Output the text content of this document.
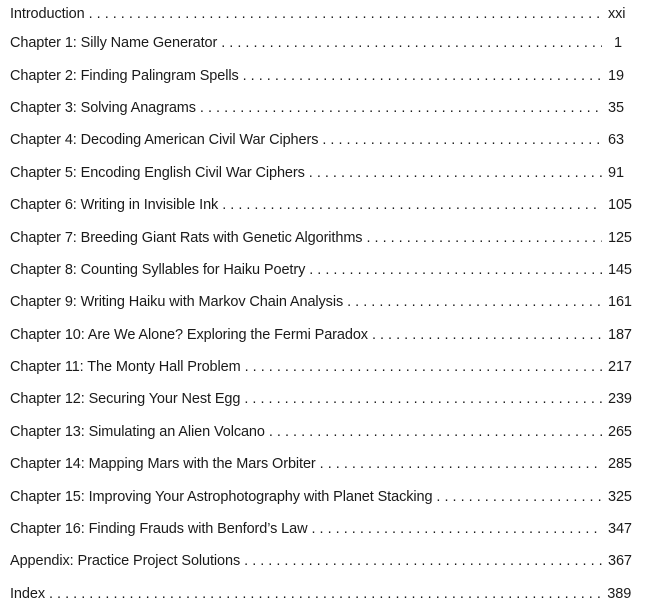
Introduction . . .	xxi
Chapter 1: Silly Name Generator . . .	1
Chapter 2: Finding Palingram Spells . . .	19
Chapter 3: Solving Anagrams . . .	35
Chapter 4: Decoding American Civil War Ciphers . . .	63
Chapter 5: Encoding English Civil War Ciphers . . .	91
Chapter 6: Writing in Invisible Ink . . .	105
Chapter 7: Breeding Giant Rats with Genetic Algorithms . . .	125
Chapter 8: Counting Syllables for Haiku Poetry . . .	145
Chapter 9: Writing Haiku with Markov Chain Analysis . . .	161
Chapter 10: Are We Alone? Exploring the Fermi Paradox . . .	187
Chapter 11: The Monty Hall Problem . . .	217
Chapter 12: Securing Your Nest Egg . . .	239
Chapter 13: Simulating an Alien Volcano . . .	265
Chapter 14: Mapping Mars with the Mars Orbiter . . .	285
Chapter 15: Improving Your Astrophotography with Planet Stacking . . .	325
Chapter 16: Finding Frauds with Benford’s Law . . .	347
Appendix: Practice Project Solutions . . .	367
Index . . .	389
